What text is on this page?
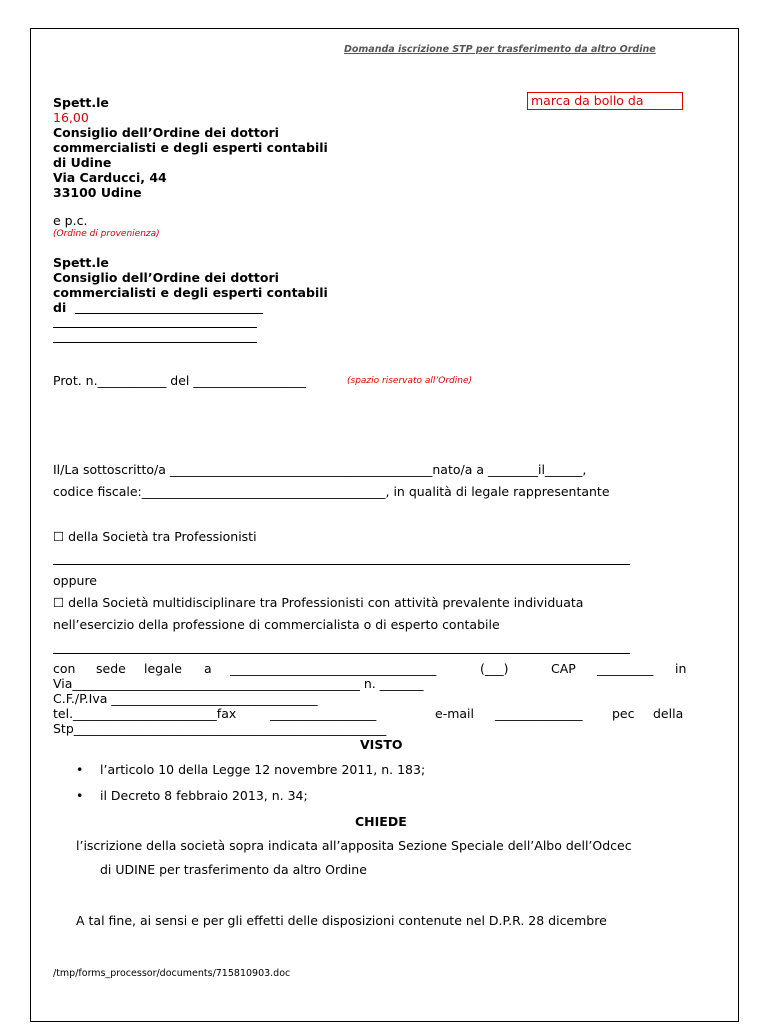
Domanda iscrizione STP per trasferimento da altro Ordine
marca da bollo da
Spett.le
16,00
Consiglio dell’Ordine dei dottori
commercialisti e degli esperti contabili
di Udine
Via Carducci, 44
33100 Udine
e p.c.
(Ordine di provenienza)
Spett.le
Consiglio dell’Ordine dei dottori
commercialisti e degli esperti contabili
di
Prot. n.___________ del __________________	(spazio riservato all’Ordine)
Il/La sottoscritto/a __________________________________________nato/a a ________il______,
codice fiscale:_______________________________________, in qualità di legale rappresentante
☐ della Società tra Professionisti
oppure
☐ della Società multidisciplinare tra Professionisti con attività prevalente individuata
nell’esercizio della professione di commercialista o di esperto contabile
con sede legale a _________________________________	(___)	CAP _________ in
Via______________________________________________ n. _______
C.F./P.Iva _________________________________
tel._______________________fax	_________________	e-mail ______________ pec della
Stp__________________________________________________
VISTO
• l’articolo 10 della Legge 12 novembre 2011, n. 183;
• il Decreto 8 febbraio 2013, n. 34;
CHIEDE
l’iscrizione della società sopra indicata all’apposita Sezione Speciale dell’Albo dell’Odcec
di UDINE per trasferimento da altro Ordine
A tal fine, ai sensi e per gli effetti delle disposizioni contenute nel D.P.R. 28 dicembre
/tmp/forms_processor/documents/715810903.doc
